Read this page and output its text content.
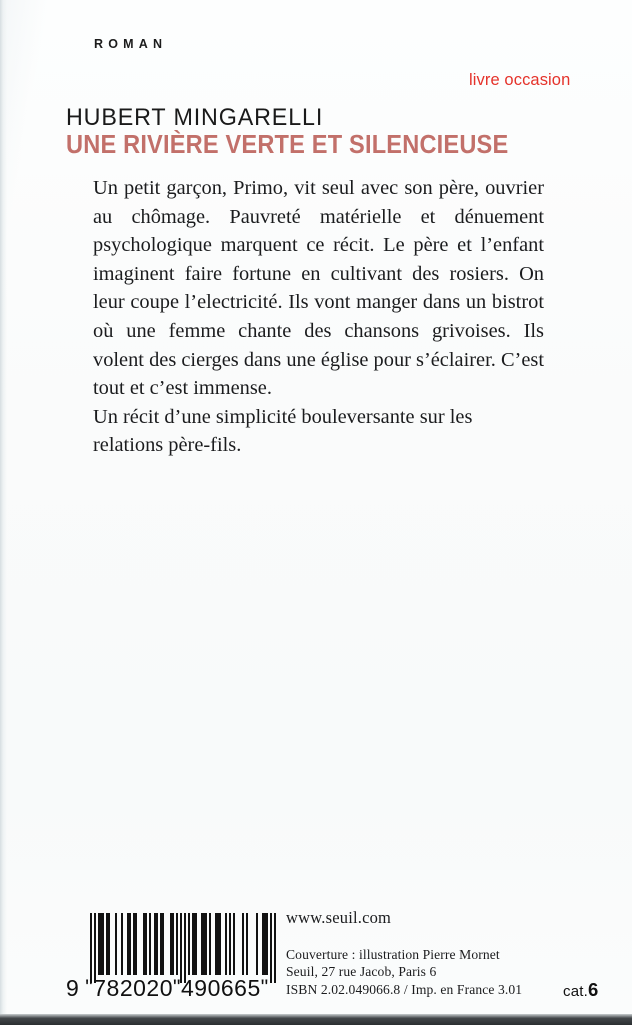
ROMAN
livre occasion
HUBERT MINGARELLI
UNE RIVIÈRE VERTE ET SILENCIEUSE

Un petit garçon, Primo, vit seul avec son père, ouvrier au chômage. Pauvreté matérielle et dénuement psychologique marquent ce récit. Le père et l’enfant imaginent faire fortune en cultivant des rosiers. On leur coupe l’electricité. Ils vont manger dans un bistrot où une femme chante des chansons grivoises. Ils volent des cierges dans une église pour s’éclairer. C’est tout et c’est immense.

Un récit d’une simplicité bouleversante sur les relations père-fils.

9 "782020"490665"
www.seuil.com
Couverture : illustration Pierre Mornet
Seuil, 27 rue Jacob, Paris 6
ISBN 2.02.049066.8 / Imp. en France 3.01	cat.6
